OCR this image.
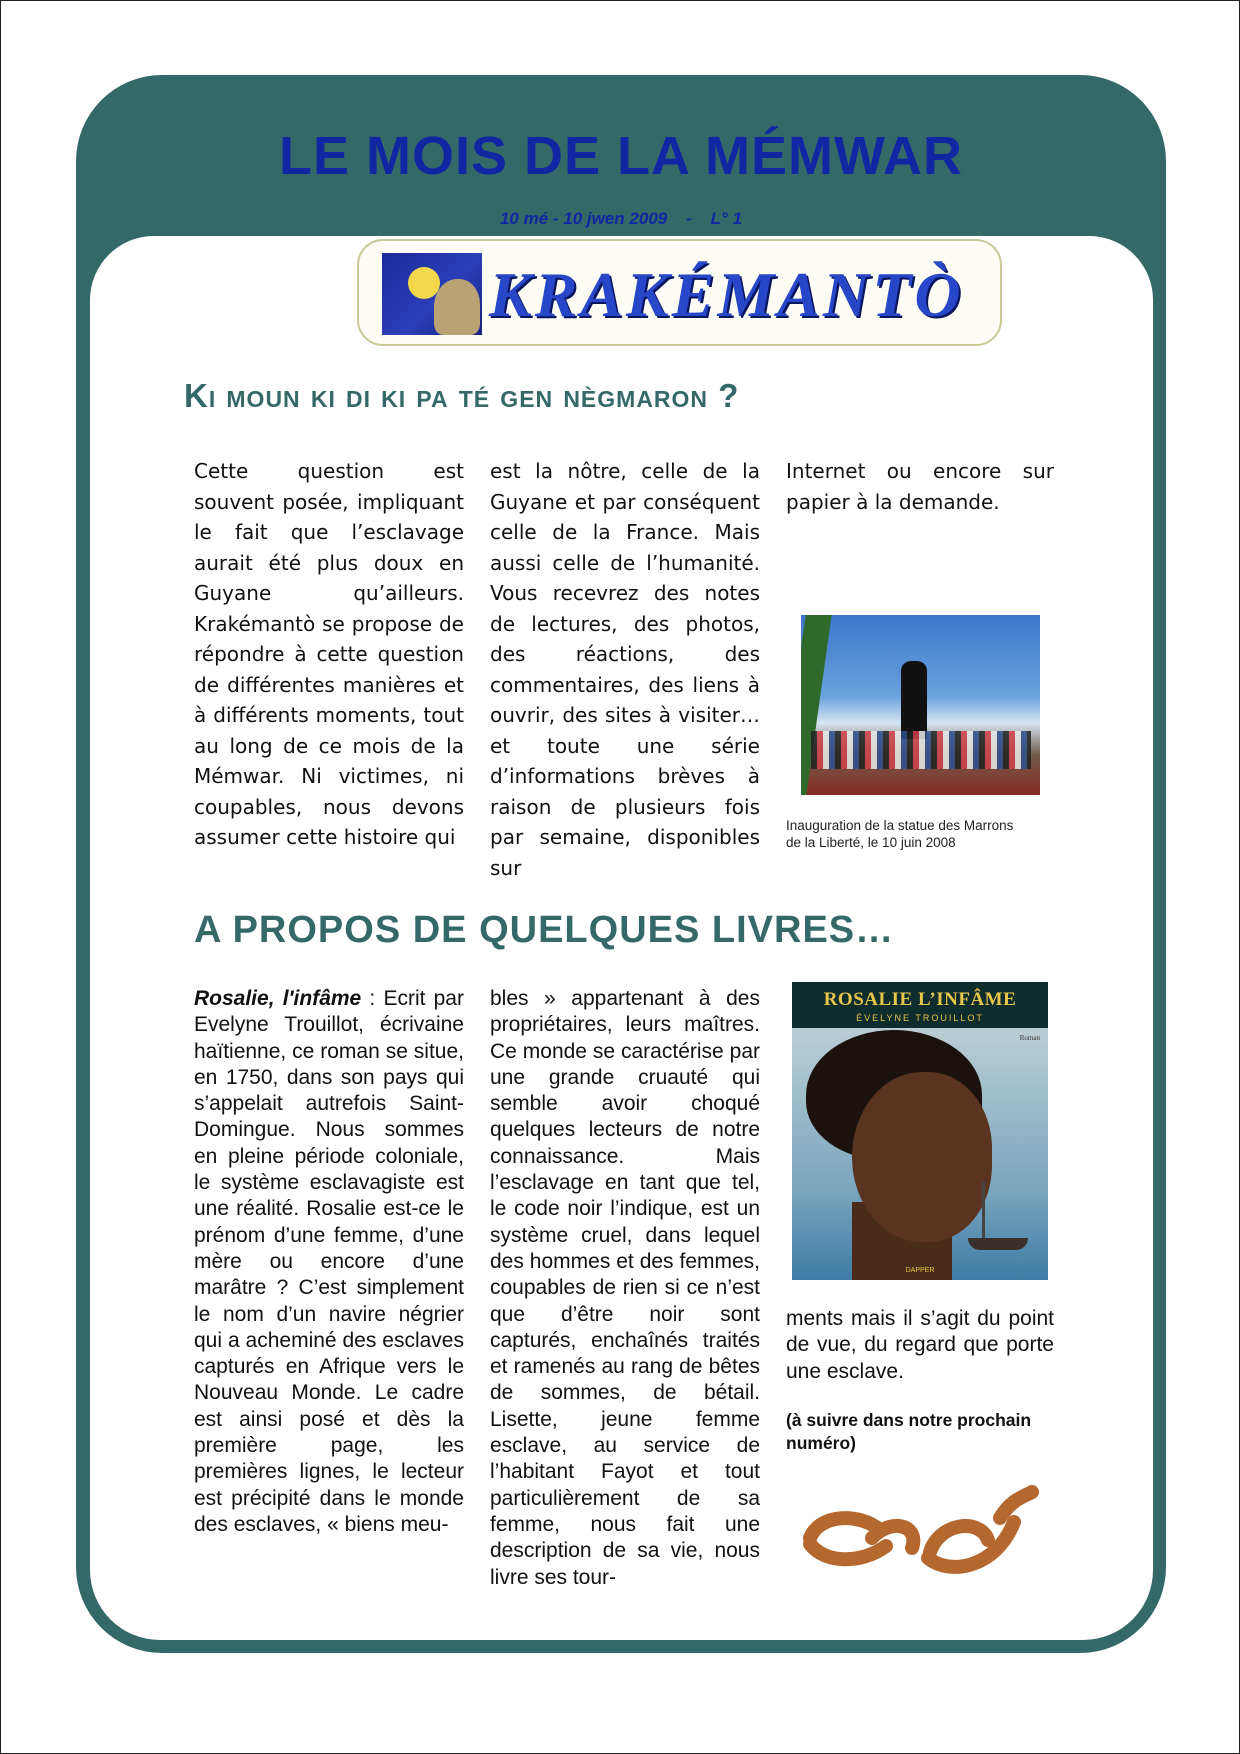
LE MOIS DE LA MÉMWAR
10 mé - 10 jwen 2009    -    L° 1
KRAKÉMANTÒ
Ki moun ki di ki pa té gen nègmaron ?

Cette question est souvent posée, impliquant le fait que l’esclavage aurait été plus doux en Guyane qu’ailleurs. Krakémantò se propose de répondre à cette question de différentes manières et à différents moments, tout au long de ce mois de la Mémwar. Ni victimes, ni coupables, nous devons assumer cette histoire qui

est la nôtre, celle de la Guyane et par conséquent celle de la France. Mais aussi celle de l’humanité. Vous recevrez des notes de lectures, des photos, des réactions, des commentaires, des liens à ouvrir, des sites à visiter… et toute une série d’informations brèves à raison de plusieurs fois par semaine, disponibles sur

Internet ou encore sur papier à la demande.

Inauguration de la statue des Marrons de la Liberté, le 10 juin 2008

A PROPOS DE QUELQUES LIVRES…

Rosalie, l'infâme : Ecrit par Evelyne Trouillot, écrivaine haïtienne, ce roman se situe, en 1750, dans son pays qui s’appelait autrefois Saint-Domingue. Nous sommes en pleine période coloniale, le système esclavagiste est une réalité. Rosalie est-ce le prénom d’une femme, d’une mère ou encore d’une marâtre ? C’est simplement le nom d’un navire négrier qui a acheminé des esclaves capturés en Afrique vers le Nouveau Monde. Le cadre est ainsi posé et dès la première page, les premières lignes, le lecteur est précipité dans le monde des esclaves, « biens meu-

bles » appartenant à des propriétaires, leurs maîtres. Ce monde se caractérise par une grande cruauté qui semble avoir choqué quelques lecteurs de notre connaissance. Mais l’esclavage en tant que tel, le code noir l’indique, est un système cruel, dans lequel des hommes et des femmes, coupables de rien si ce n’est que d’être noir sont capturés, enchaînés traités et ramenés au rang de bêtes de sommes, de bétail. Lisette, jeune femme esclave, au service de l’habitant Fayot et tout particulièrement de sa femme, nous fait une description de sa vie, nous livre ses tour-

ROSALIE L’INFÂME
ÉVELYNE TROUILLOT
Roman
DAPPER

ments mais il s’agit du point de vue, du regard que porte une esclave.

(à suivre dans notre prochain numéro)
